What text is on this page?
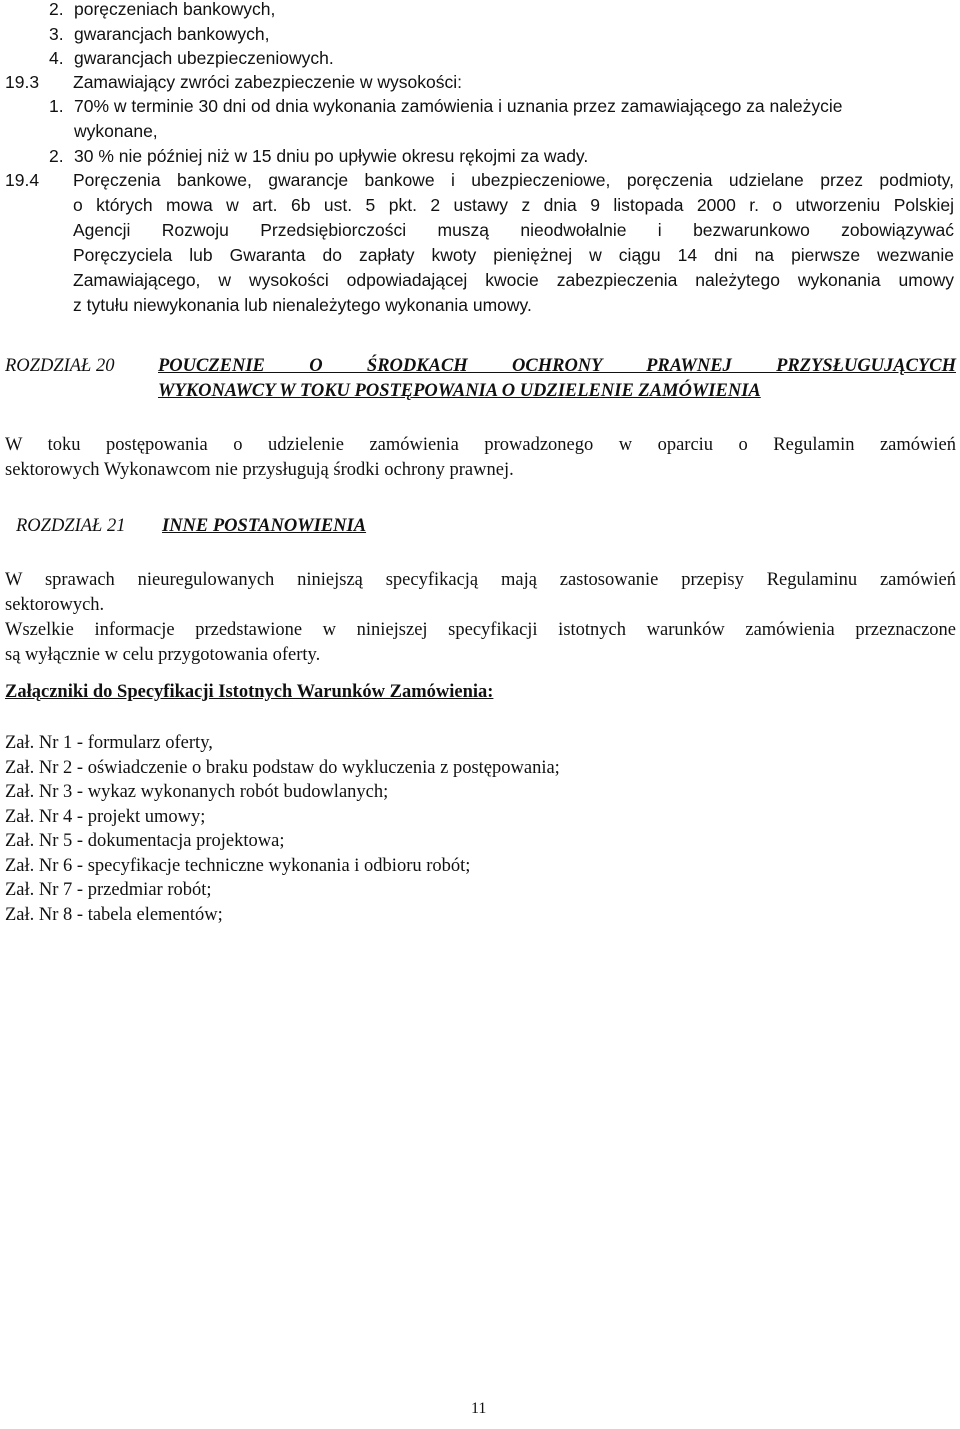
2. poręczeniach bankowych,
3. gwarancjach bankowych,
4. gwarancjach ubezpieczeniowych.
19.3 Zamawiający zwróci zabezpieczenie w wysokości:
1. 70% w terminie 30 dni od dnia wykonania zamówienia i uznania przez zamawiającego za należycie
wykonane,
2. 30 % nie później niż w 15 dniu po upływie okresu rękojmi za wady.
19.4 Poręczenia bankowe, gwarancje bankowe i ubezpieczeniowe, poręczenia udzielane przez podmioty,
o których mowa w art. 6b ust. 5 pkt. 2 ustawy z dnia 9 listopada 2000 r. o utworzeniu Polskiej
Agencji Rozwoju Przedsiębiorczości muszą nieodwołalnie i bezwarunkowo zobowiązywać
Poręczyciela lub Gwaranta do zapłaty kwoty pieniężnej w ciągu 14 dni na pierwsze wezwanie
Zamawiającego, w wysokości odpowiadającej kwocie zabezpieczenia należytego wykonania umowy
z tytułu niewykonania lub nienależytego wykonania umowy.
ROZDZIAŁ 20 POUCZENIE O ŚRODKACH OCHRONY PRAWNEJ PRZYSŁUGUJĄCYCH
WYKONAWCY W TOKU POSTĘPOWANIA O UDZIELENIE ZAMÓWIENIA
W toku postępowania o udzielenie zamówienia prowadzonego w oparciu o Regulamin zamówień
sektorowych Wykonawcom nie przysługują środki ochrony prawnej.
ROZDZIAŁ 21 INNE POSTANOWIENIA
W sprawach nieuregulowanych niniejszą specyfikacją mają zastosowanie przepisy Regulaminu zamówień
sektorowych.
Wszelkie informacje przedstawione w niniejszej specyfikacji istotnych warunków zamówienia przeznaczone
są wyłącznie w celu przygotowania oferty.
Załączniki do Specyfikacji Istotnych Warunków Zamówienia:
Zał. Nr 1 - formularz oferty,
Zał. Nr 2 - oświadczenie o braku podstaw do wykluczenia z postępowania;
Zał. Nr 3 - wykaz wykonanych robót budowlanych;
Zał. Nr 4 - projekt umowy;
Zał. Nr 5 - dokumentacja projektowa;
Zał. Nr 6 - specyfikacje techniczne wykonania i odbioru robót;
Zał. Nr 7 - przedmiar robót;
Zał. Nr 8 - tabela elementów;
11
